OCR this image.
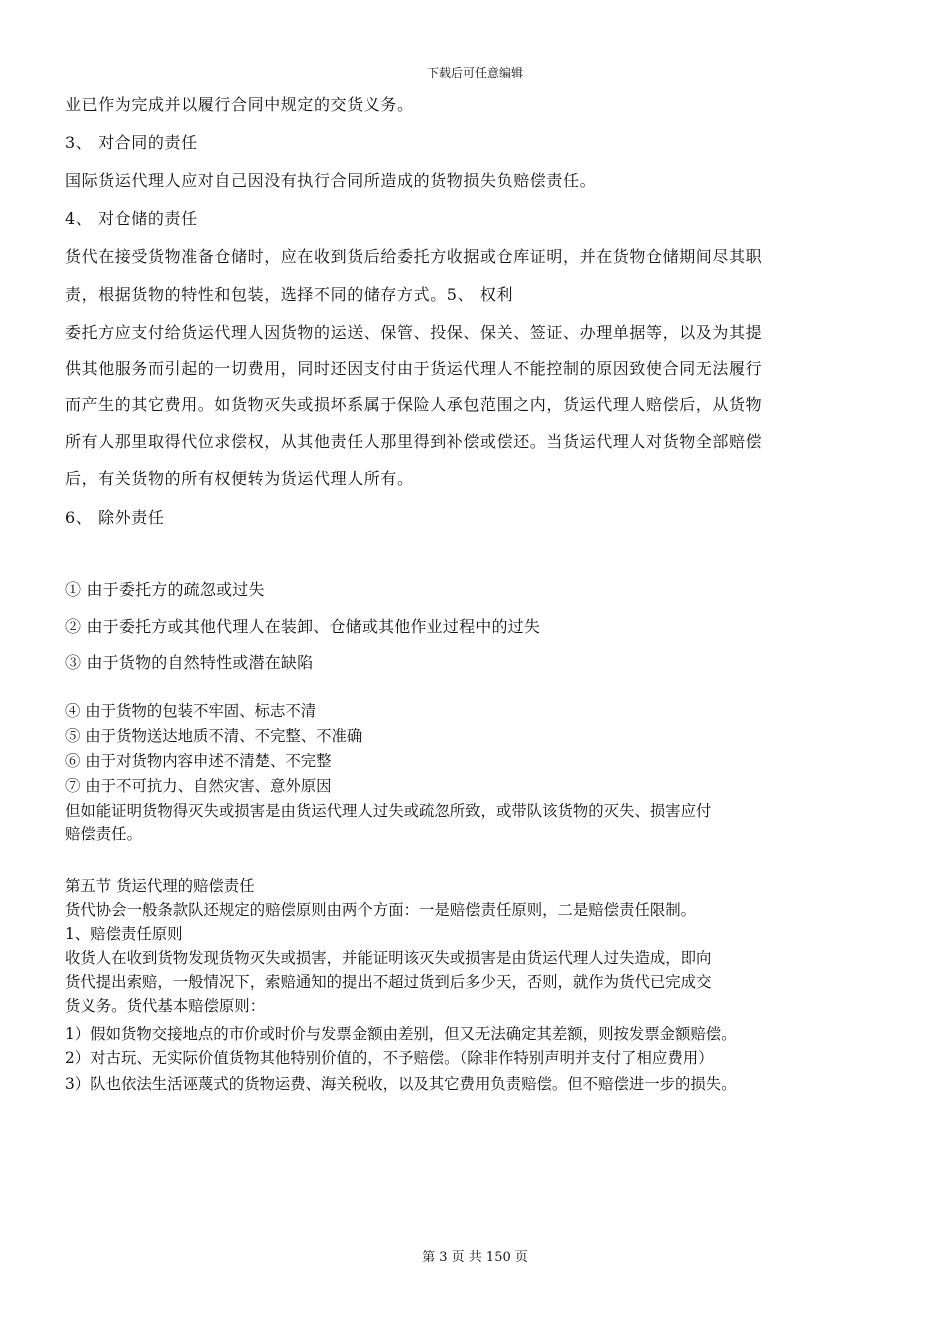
下载后可任意编辑
业已作为完成并以履行合同中规定的交货义务。
3、 对合同的责任
国际货运代理人应对自己因没有执行合同所造成的货物损失负赔偿责任。
4、 对仓储的责任
货代在接受货物准备仓储时，应在收到货后给委托方收据或仓库证明，并在货物仓储期间尽其职
责，根据货物的特性和包装，选择不同的储存方式。5、 权利
委托方应支付给货运代理人因货物的运送、保管、投保、保关、签证、办理单据等，以及为其提
供其他服务而引起的一切费用，同时还因支付由于货运代理人不能控制的原因致使合同无法履行
而产生的其它费用。如货物灭失或损坏系属于保险人承包范围之内，货运代理人赔偿后，从货物
所有人那里取得代位求偿权，从其他责任人那里得到补偿或偿还。当货运代理人对货物全部赔偿
后，有关货物的所有权便转为货运代理人所有。
6、 除外责任
① 由于委托方的疏忽或过失
② 由于委托方或其他代理人在装卸、仓储或其他作业过程中的过失
③ 由于货物的自然特性或潜在缺陷
④ 由于货物的包装不牢固、标志不清
⑤ 由于货物送达地质不清、不完整、不准确
⑥ 由于对货物内容申述不清楚、不完整
⑦ 由于不可抗力、自然灾害、意外原因
但如能证明货物得灭失或损害是由货运代理人过失或疏忽所致，或带队该货物的灭失、损害应付
赔偿责任。
第五节 货运代理的赔偿责任
货代协会一般条款队还规定的赔偿原则由两个方面：一是赔偿责任原则，二是赔偿责任限制。
1、赔偿责任原则
收货人在收到货物发现货物灭失或损害，并能证明该灭失或损害是由货运代理人过失造成，即向
货代提出索赔，一般情况下，索赔通知的提出不超过货到后多少天，否则，就作为货代已完成交
货义务。货代基本赔偿原则：
1）假如货物交接地点的市价或时价与发票金额由差别，但又无法确定其差额，则按发票金额赔偿。
2）对古玩、无实际价值货物其他特别价值的，不予赔偿。（除非作特别声明并支付了相应费用）
3）队也依法生活诬蔑式的货物运费、海关税收，以及其它费用负责赔偿。但不赔偿进一步的损失。
第 3 页 共 150 页
